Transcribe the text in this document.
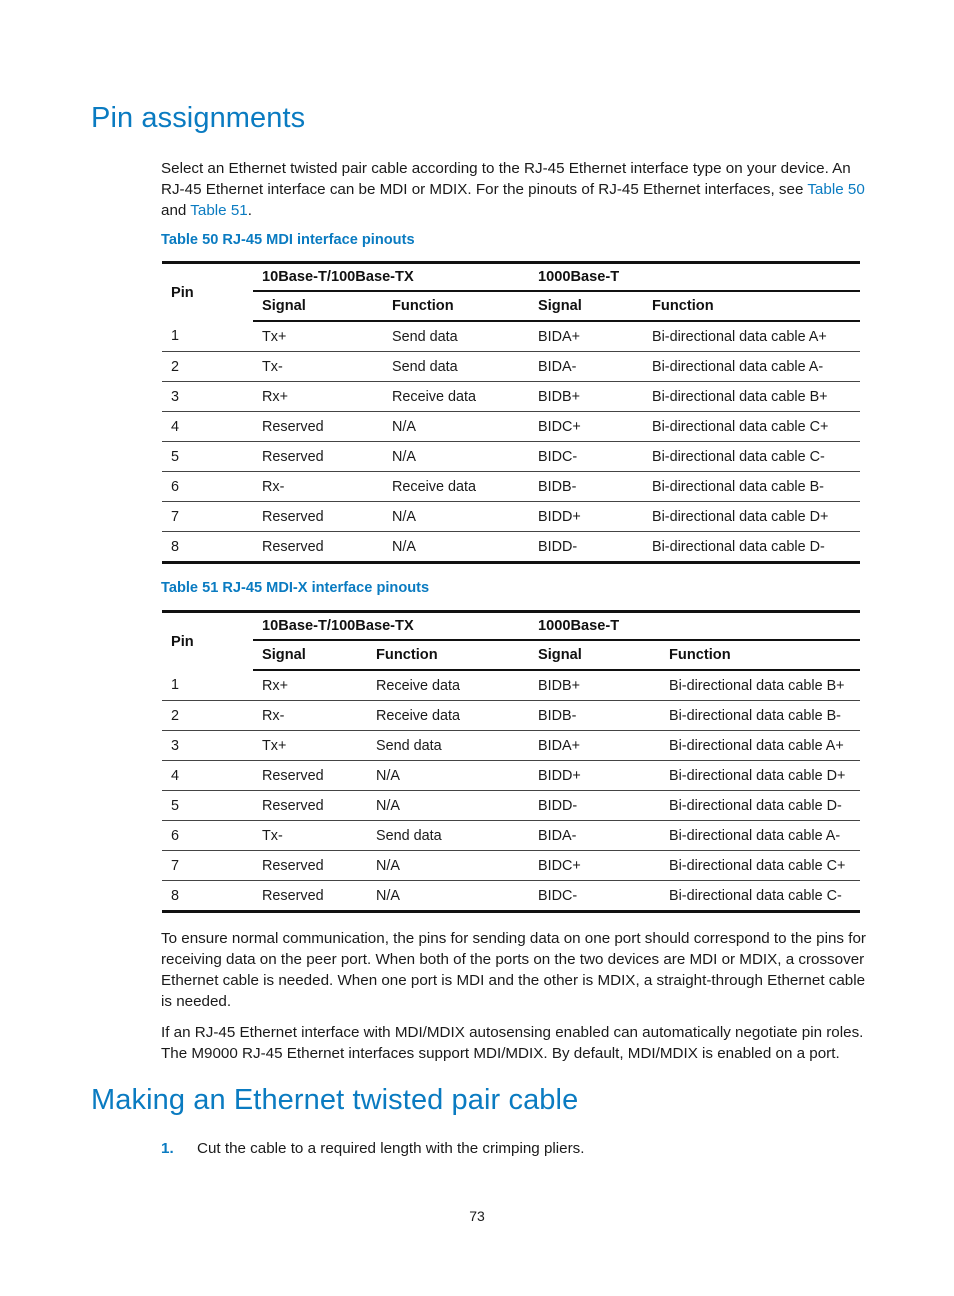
Pin assignments

Select an Ethernet twisted pair cable according to the RJ-45 Ethernet interface type on your device. An RJ-45 Ethernet interface can be MDI or MDIX. For the pinouts of RJ-45 Ethernet interfaces, see Table 50 and Table 51.

Table 50 RJ-45 MDI interface pinouts

Pin	10Base-T/100Base-TX		1000Base-T	
	Signal	Function	Signal	Function
1	Tx+	Send data	BIDA+	Bi-directional data cable A+
2	Tx-	Send data	BIDA-	Bi-directional data cable A-
3	Rx+	Receive data	BIDB+	Bi-directional data cable B+
4	Reserved	N/A	BIDC+	Bi-directional data cable C+
5	Reserved	N/A	BIDC-	Bi-directional data cable C-
6	Rx-	Receive data	BIDB-	Bi-directional data cable B-
7	Reserved	N/A	BIDD+	Bi-directional data cable D+
8	Reserved	N/A	BIDD-	Bi-directional data cable D-

Table 51 RJ-45 MDI-X interface pinouts

Pin	10Base-T/100Base-TX		1000Base-T	
	Signal	Function	Signal	Function
1	Rx+	Receive data	BIDB+	Bi-directional data cable B+
2	Rx-	Receive data	BIDB-	Bi-directional data cable B-
3	Tx+	Send data	BIDA+	Bi-directional data cable A+
4	Reserved	N/A	BIDD+	Bi-directional data cable D+
5	Reserved	N/A	BIDD-	Bi-directional data cable D-
6	Tx-	Send data	BIDA-	Bi-directional data cable A-
7	Reserved	N/A	BIDC+	Bi-directional data cable C+
8	Reserved	N/A	BIDC-	Bi-directional data cable C-

To ensure normal communication, the pins for sending data on one port should correspond to the pins for receiving data on the peer port. When both of the ports on the two devices are MDI or MDIX, a crossover Ethernet cable is needed. When one port is MDI and the other is MDIX, a straight-through Ethernet cable is needed.

If an RJ-45 Ethernet interface with MDI/MDIX autosensing enabled can automatically negotiate pin roles. The M9000 RJ-45 Ethernet interfaces support MDI/MDIX. By default, MDI/MDIX is enabled on a port.

Making an Ethernet twisted pair cable

1. Cut the cable to a required length with the crimping pliers.

73
